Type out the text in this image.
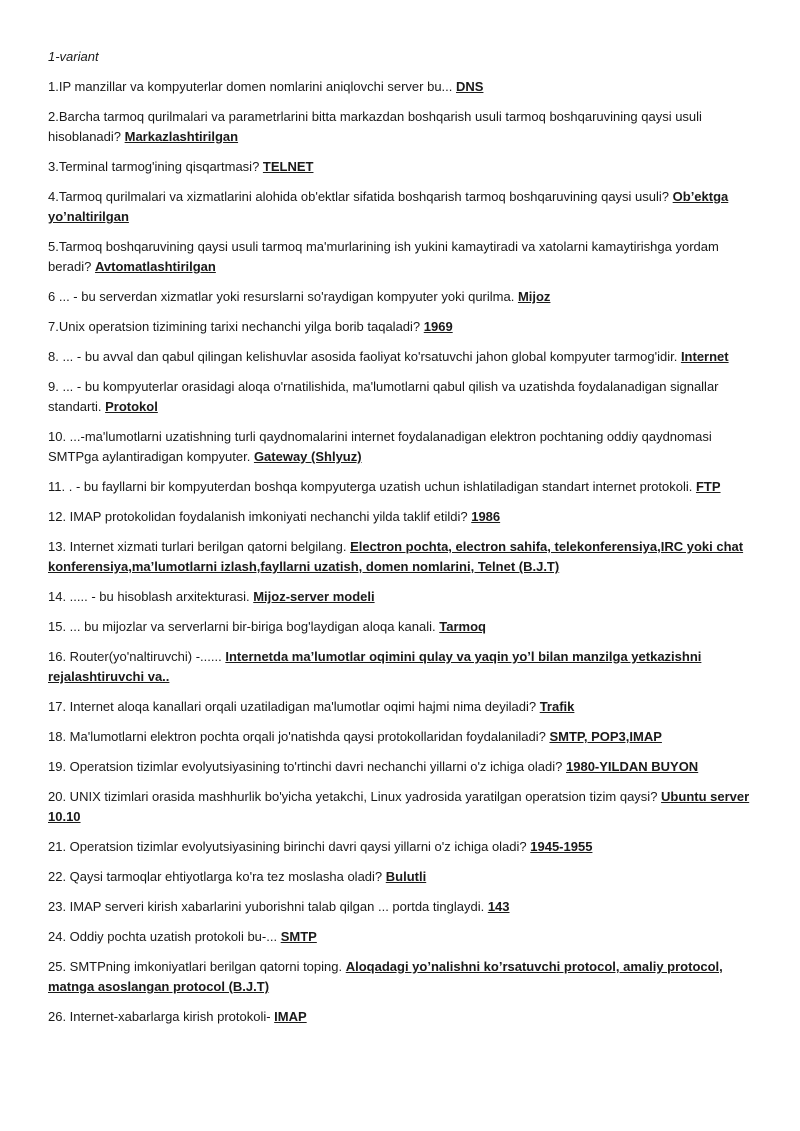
1-variant

1.IP manzillar va kompyuterlar domen nomlarini aniqlovchi server bu... DNS

2.Barcha tarmoq qurilmalari va parametrlarini bitta markazdan boshqarish usuli tarmoq boshqaruvining qaysi usuli hisoblanadi? Markazlashtirilgan

3.Terminal tarmog'ining qisqartmasi? TELNET

4.Tarmoq qurilmalari va xizmatlarini alohida ob'ektlar sifatida boshqarish tarmoq boshqaruvining qaysi usuli? Ob’ektga yo’naltirilgan

5.Tarmoq boshqaruvining qaysi usuli tarmoq ma'murlarining ish yukini kamaytiradi va xatolarni kamaytirishga yordam beradi? Avtomatlashtirilgan

6 ... - bu serverdan xizmatlar yoki resurslarni so'raydigan kompyuter yoki qurilma. Mijoz

7.Unix operatsion tizimining tarixi nechanchi yilga borib taqaladi? 1969

8. ... - bu avval dan qabul qilingan kelishuvlar asosida faoliyat ko'rsatuvchi jahon global kompyuter tarmog'idir. Internet

9. ... - bu kompyuterlar orasidagi aloqa o'rnatilishida, ma'lumotlarni qabul qilish va uzatishda foydalanadigan signallar standarti. Protokol

10. ...-ma'lumotlarni uzatishning turli qaydnomalarini internet foydalanadigan elektron pochtaning oddiy qaydnomasi SMTPga aylantiradigan kompyuter. Gateway (Shlyuz)

11. . - bu fayllarni bir kompyuterdan boshqa kompyuterga uzatish uchun ishlatiladigan standart internet protokoli. FTP

12. IMAP protokolidan foydalanish imkoniyati nechanchi yilda taklif etildi? 1986

13. Internet xizmati turlari berilgan qatorni belgilang. Electron pochta, electron sahifa, telekonferensiya,IRC yoki chat konferensiya,ma’lumotlarni izlash,fayllarni uzatish, domen nomlarini, Telnet (B.J.T)

14. ..... - bu hisoblash arxitekturasi. Mijoz-server modeli

15. ... bu mijozlar va serverlarni bir-biriga bog'laydigan aloqa kanali. Tarmoq

16. Router(yo'naltiruvchi) -...... Internetda ma’lumotlar oqimini qulay va yaqin yo’l bilan manzilga yetkazishni rejalashtiruvchi va..

17. Internet aloqa kanallari orqali uzatiladigan ma'lumotlar oqimi hajmi nima deyiladi? Trafik

18. Ma'lumotlarni elektron pochta orqali jo'natishda qaysi protokollaridan foydalaniladi? SMTP, POP3,IMAP

19. Operatsion tizimlar evolyutsiyasining to'rtinchi davri nechanchi yillarni o'z ichiga oladi? 1980-YILDAN BUYON

20. UNIX tizimlari orasida mashhurlik bo'yicha yetakchi, Linux yadrosida yaratilgan operatsion tizim qaysi? Ubuntu server 10.10

21. Operatsion tizimlar evolyutsiyasining birinchi davri qaysi yillarni o'z ichiga oladi? 1945-1955

22. Qaysi tarmoqlar ehtiyotlarga ko'ra tez moslasha oladi? Bulutli

23. IMAP serveri kirish xabarlarini yuborishni talab qilgan ... portda tinglaydi. 143

24. Oddiy pochta uzatish protokoli bu-... SMTP

25. SMTPning imkoniyatlari berilgan qatorni toping. Aloqadagi yo’nalishni ko’rsatuvchi protocol, amaliy protocol, matnga asoslangan protocol (B.J.T)

26. Internet-xabarlarga kirish protokoli- IMAP
